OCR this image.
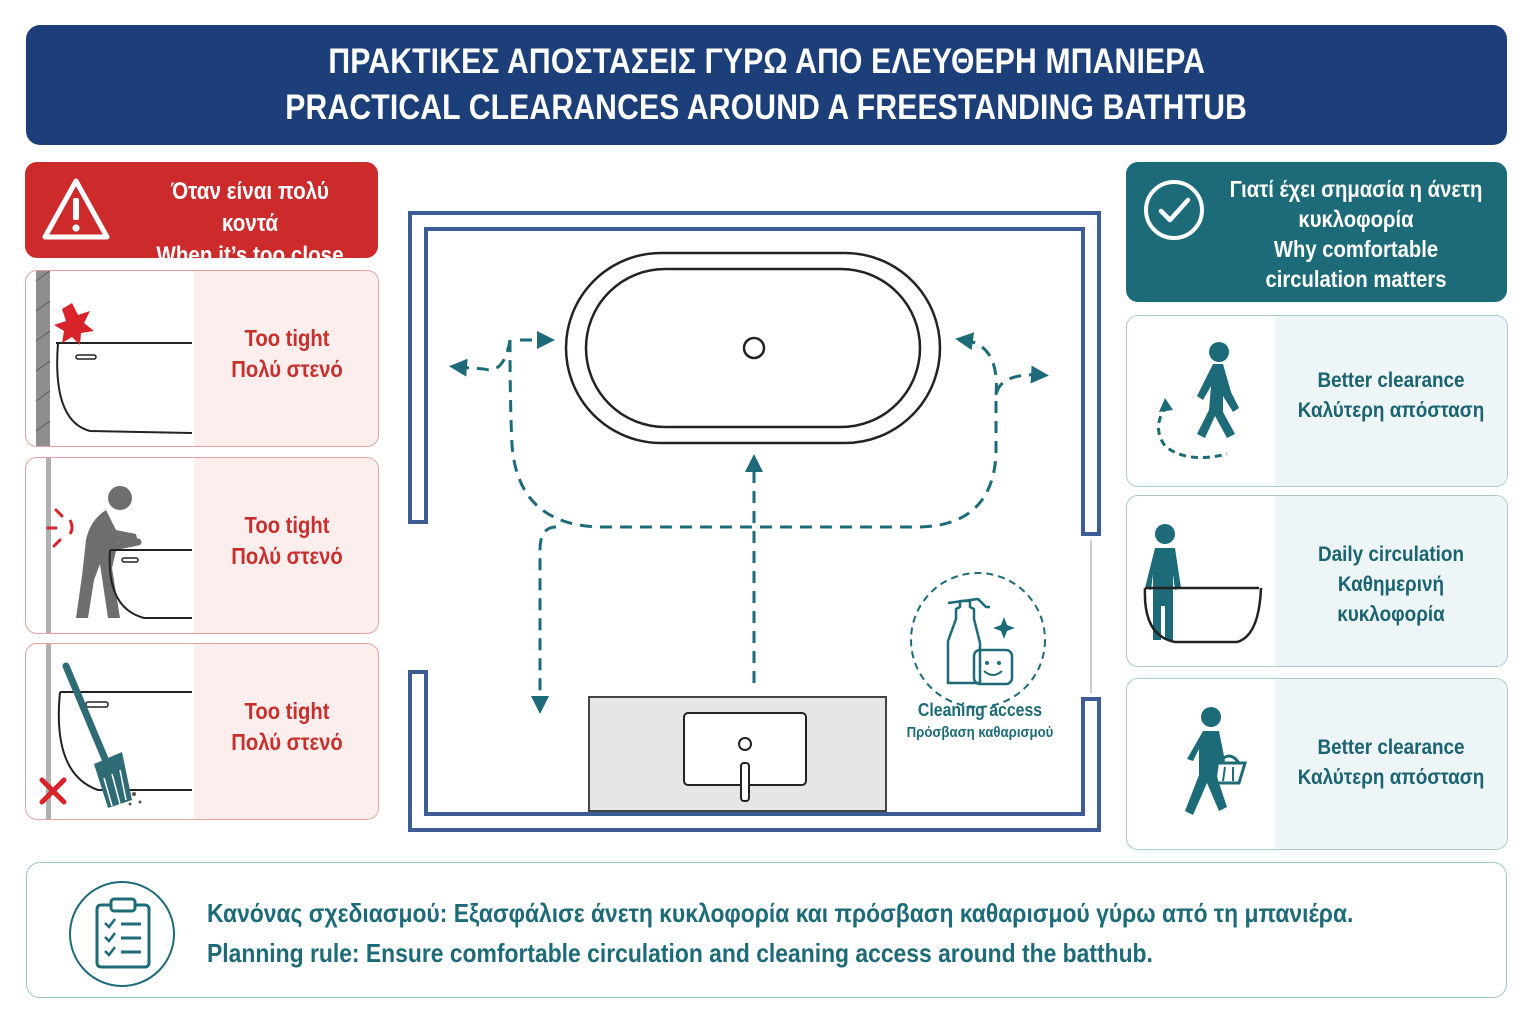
ΠΡΑΚΤΙΚΕΣ ΑΠΟΣΤΑΣΕΙΣ ΓΥΡΩ ΑΠΟ ΕΛΕΥΘΕΡΗ ΜΠΑΝΙΕΡΑ
PRACTICAL CLEARANCES AROUND A FREESTANDING BATHTUB
Όταν είναι πολύ κοντά
When it’s too close
Too tight
Πολύ στενό
Too tight
Πολύ στενό
Too tight
Πολύ στενό
Cleaning access
Πρόσβαση καθαρισμού
Γιατί έχει σημασία η άνετη
κυκλοφορία
Why comfortable
circulation matters
Better clearance
Καλύτερη απόσταση
Daily circulation
Καθημερινή
κυκλοφορία
Better clearance
Καλύτερη απόσταση
Κανόνας σχεδιασμού: Εξασφάλισε άνετη κυκλοφορία και πρόσβαση καθαρισμού γύρω από τη μπανιέρα.
Planning rule: Ensure comfortable circulation and cleaning access around the batthub.
